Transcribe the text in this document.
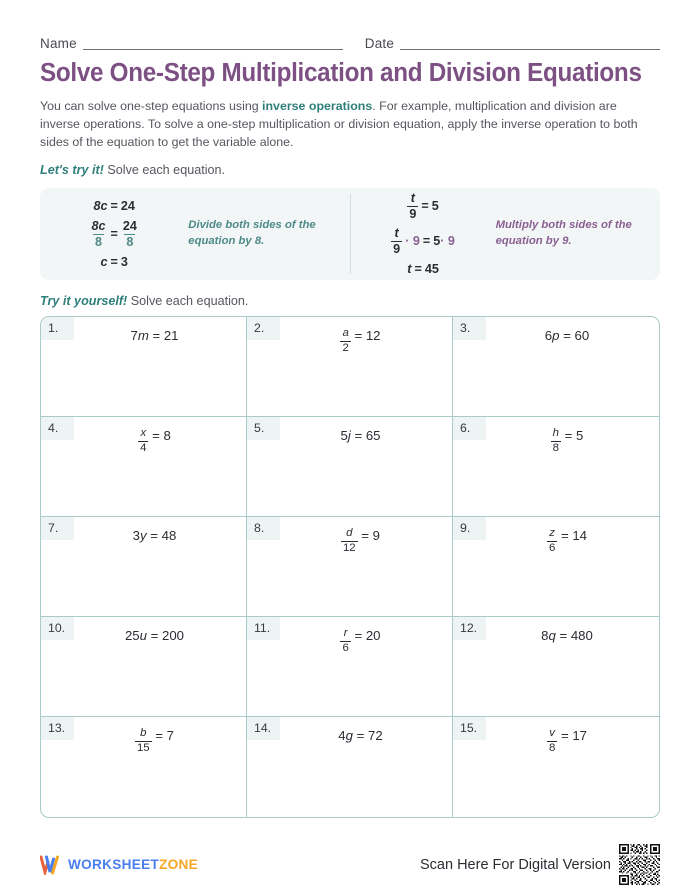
Name	Date
Solve One-Step Multiplication and Division Equations
You can solve one-step equations using inverse operations. For example, multiplication and division are inverse operations. To solve a one-step multiplication or division equation, apply the inverse operation to both sides of the equation to get the variable alone.
Let's try it! Solve each equation.
8c = 24
$\frac{8c}{8} = \frac{24}{8}$
c = 3
Divide both sides of the equation by 8.
$\frac{t}{9} = 5$
$\frac{t}{9} \cdot 9 = 5\cdot 9$
t = 45
Multiply both sides of the equation by 9.
Try it yourself! Solve each equation.
1.	7 m = 21	2.	$\frac{a}{2} = 12$	3.	6 p = 60
4.	$\frac{x}{4} = 8$	5.	5 j = 65	6.	$\frac{h}{8} = 5$
7.	3 y = 48	8.	$\frac{d}{12} = 9$	9.	$\frac{z}{6} = 14$
10.	25 u = 200	11.	$\frac{r}{6} = 20$	12.	8 q = 480
13.	$\frac{b}{15} = 7$	14.	4 g = 72	15.	$\frac{v}{8} = 17$
WORKSHEETZONE	Scan Here For Digital Version
